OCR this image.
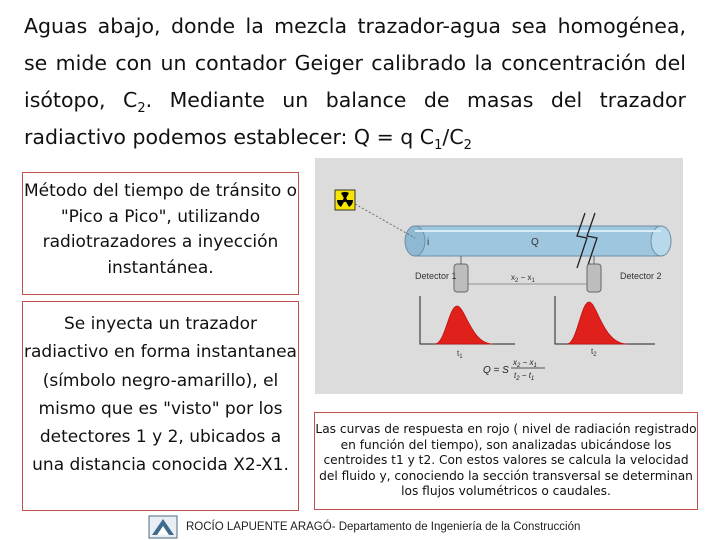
Aguas abajo, donde la mezcla trazador-agua sea homogénea, se mide con un contador Geiger calibrado la concentración del isótopo, $C_2$. Mediante un balance de masas del trazador radiactivo podemos establecer: Q = q $C_1/C_2$

Método del tiempo de tránsito o "Pico a Pico", utilizando radiotrazadores a inyección instantánea.
Se inyecta un trazador radiactivo en forma instantanea (símbolo negro-amarillo), el mismo que es "visto" por los detectores 1 y 2, ubicados a una distancia conocida X2-X1.
i	Q
Detector 1	Detector 2
$x_2 - x_1$
$t_1$
$t_2$
Q = S
$x_2 - x_1$
$t_2 - t_1$
Las curvas de respuesta en rojo ( nivel de radiación registrado en función del tiempo), son analizadas ubicándose los centroides t1 y t2. Con estos valores se calcula la velocidad del fluido y, conociendo la sección transversal se determinan los flujos volumétricos o caudales.
ROCÍO LAPUENTE ARAGÓ- Departamento de Ingeniería de la Construcción
